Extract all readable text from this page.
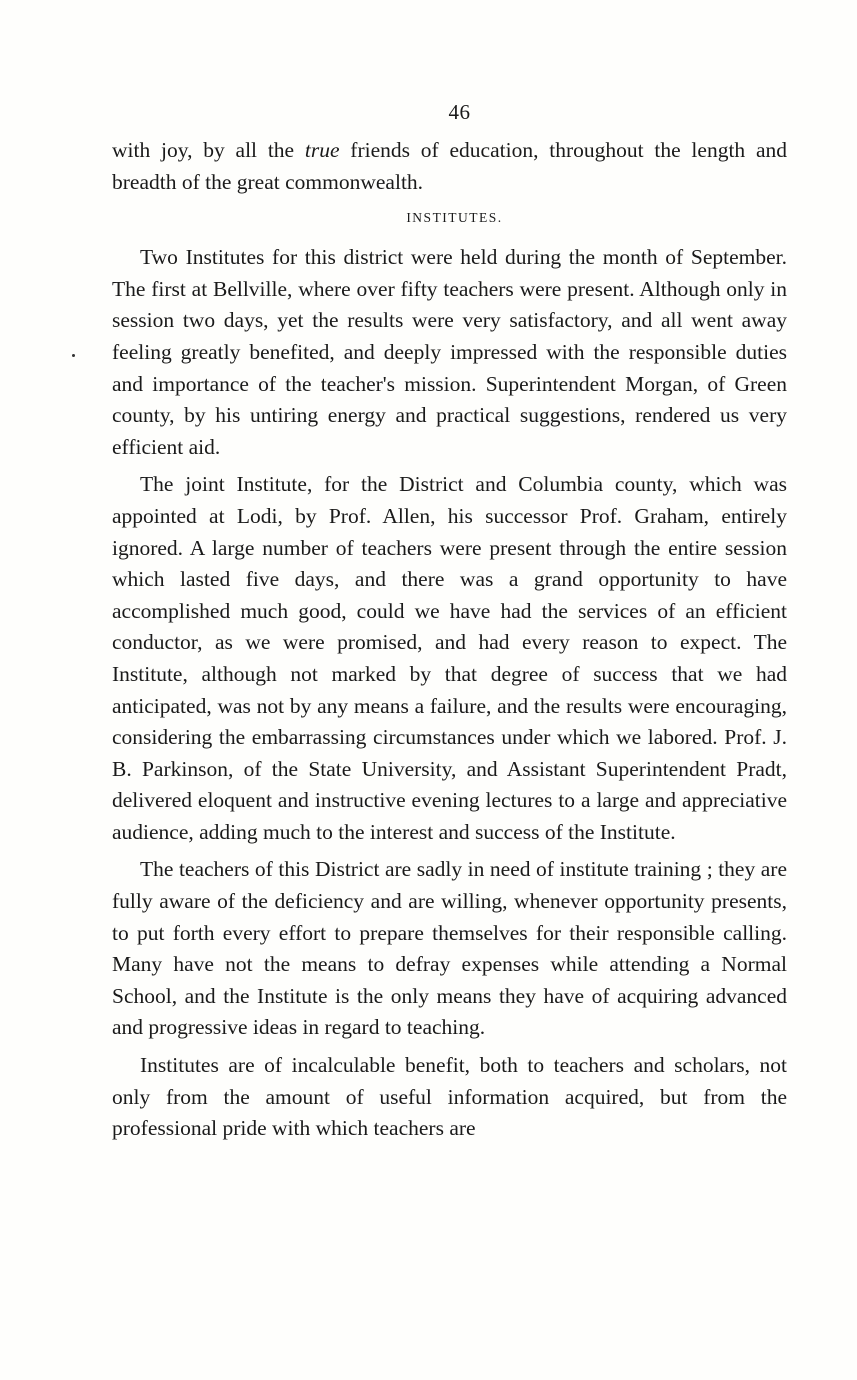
46

with joy, by all the true friends of education, throughout the length and breadth of the great commonwealth.

INSTITUTES.

Two Institutes for this district were held during the month of September. The first at Bellville, where over fifty teachers were present. Although only in session two days, yet the results were very satisfactory, and all went away feeling greatly benefited, and deeply impressed with the responsible duties and importance of the teacher's mission. Superintendent Morgan, of Green county, by his untiring energy and practical suggestions, rendered us very efficient aid.

The joint Institute, for the District and Columbia county, which was appointed at Lodi, by Prof. Allen, his successor Prof. Graham, entirely ignored. A large number of teachers were present through the entire session which lasted five days, and there was a grand opportunity to have accomplished much good, could we have had the services of an efficient conductor, as we were promised, and had every reason to expect. The Institute, although not marked by that degree of success that we had anticipated, was not by any means a failure, and the results were encouraging, considering the embarrassing circumstances under which we labored. Prof. J. B. Parkinson, of the State University, and Assistant Superintendent Pradt, delivered eloquent and instructive evening lectures to a large and appreciative audience, adding much to the interest and success of the Institute.

The teachers of this District are sadly in need of institute training ; they are fully aware of the deficiency and are willing, whenever opportunity presents, to put forth every effort to prepare themselves for their responsible calling. Many have not the means to defray expenses while attending a Normal School, and the Institute is the only means they have of acquiring advanced and progressive ideas in regard to teaching.

Institutes are of incalculable benefit, both to teachers and scholars, not only from the amount of useful information acquired, but from the professional pride with which teachers are
